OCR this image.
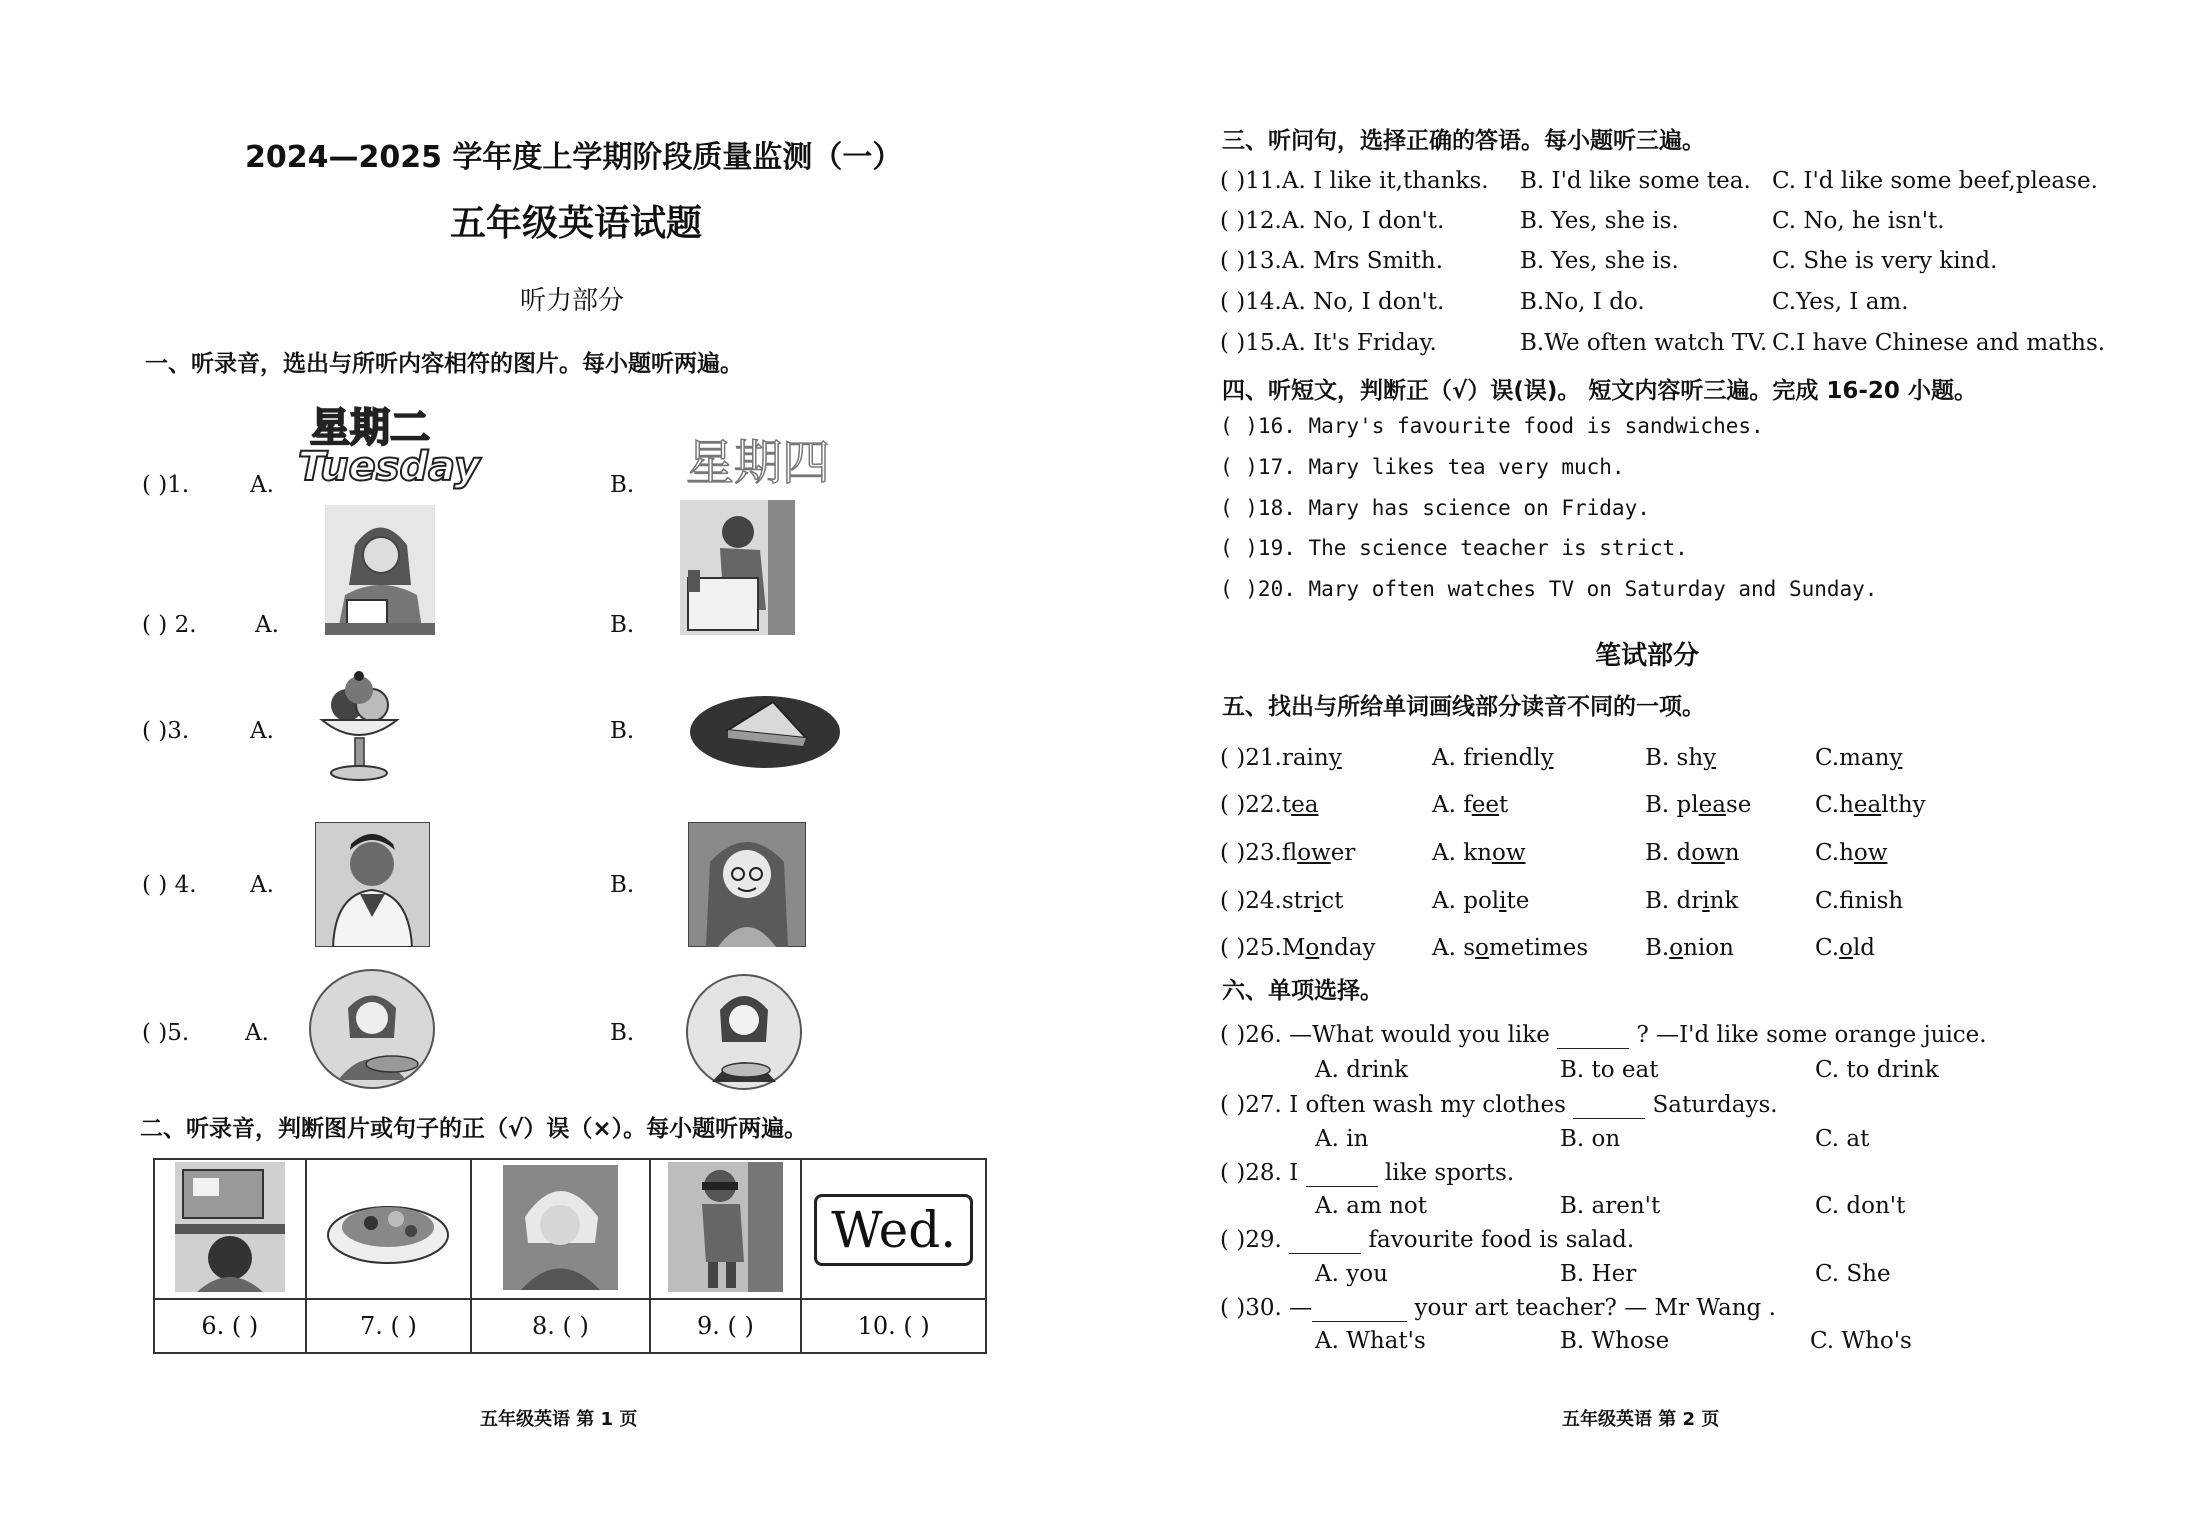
2024—2025 学年度上学期阶段质量监测（一）
五年级英语试题
听力部分
一、听录音，选出与所听内容相符的图片。每小题听两遍。
( )1.	A.
星期二
Tuesday	B. 星期四
( ) 2.	A.	B.
( )3.	A.	B.
( ) 4. A.	B.
( )5. A.	B.
二、听录音，判断图片或句子的正（√）误（×）。每小题听两遍。
				Wed.
6. ( )	7. ( )	8. ( )	9. ( )	10. ( )
五年级英语 第 1 页
三、听问句，选择正确的答语。每小题听三遍。
( )11.A. I like it,thanks. B. I'd like some tea. C. I'd like some beef,please.
( )12.A. No, I don't.	B. Yes, she is.	C. No, he isn't.
( )13.A. Mrs Smith.	B. Yes, she is.	C. She is very kind.
( )14.A. No, I don't.	B.No, I do.	C.Yes, I am.
( )15.A. It's Friday.	B.We often watch TV. C.I have Chinese and maths.
四、听短文，判断正（√）误(误)。 短文内容听三遍。完成 16-20 小题。
( )16. Mary's favourite food is sandwiches.
( )17. Mary likes tea very much.
( )18. Mary has science on Friday.
( )19. The science teacher is strict.
( )20. Mary often watches TV on Saturday and Sunday.
笔试部分
五、找出与所给单词画线部分读音不同的一项。
( )21.rainy	A. friendly	B. shy	C.many
( )22.tea	A. feet	B. please	C.healthy
( )23.flower	A. know	B. down	C.how
( )24.strict	A. polite	B. drink	C.fnish
( )25.Monday A. sometimes B.onion	C.old
六、单项选择。
( )26. —What would you like	? —I'd like some orange juice.
A. drink	B. to eat	C. to drink
( )27. I often wash my clothes	Saturdays.
A. in	B. on	C. at
( )28. I	like sports.
A. am not	B. aren't	C. don't
( )29.	favourite food is salad.
A. you	B. Her	C. She
( )30. —	your art teacher? — Mr Wang .
A. What's	B. Whose	C. Who's
五年级英语 第 2 页
